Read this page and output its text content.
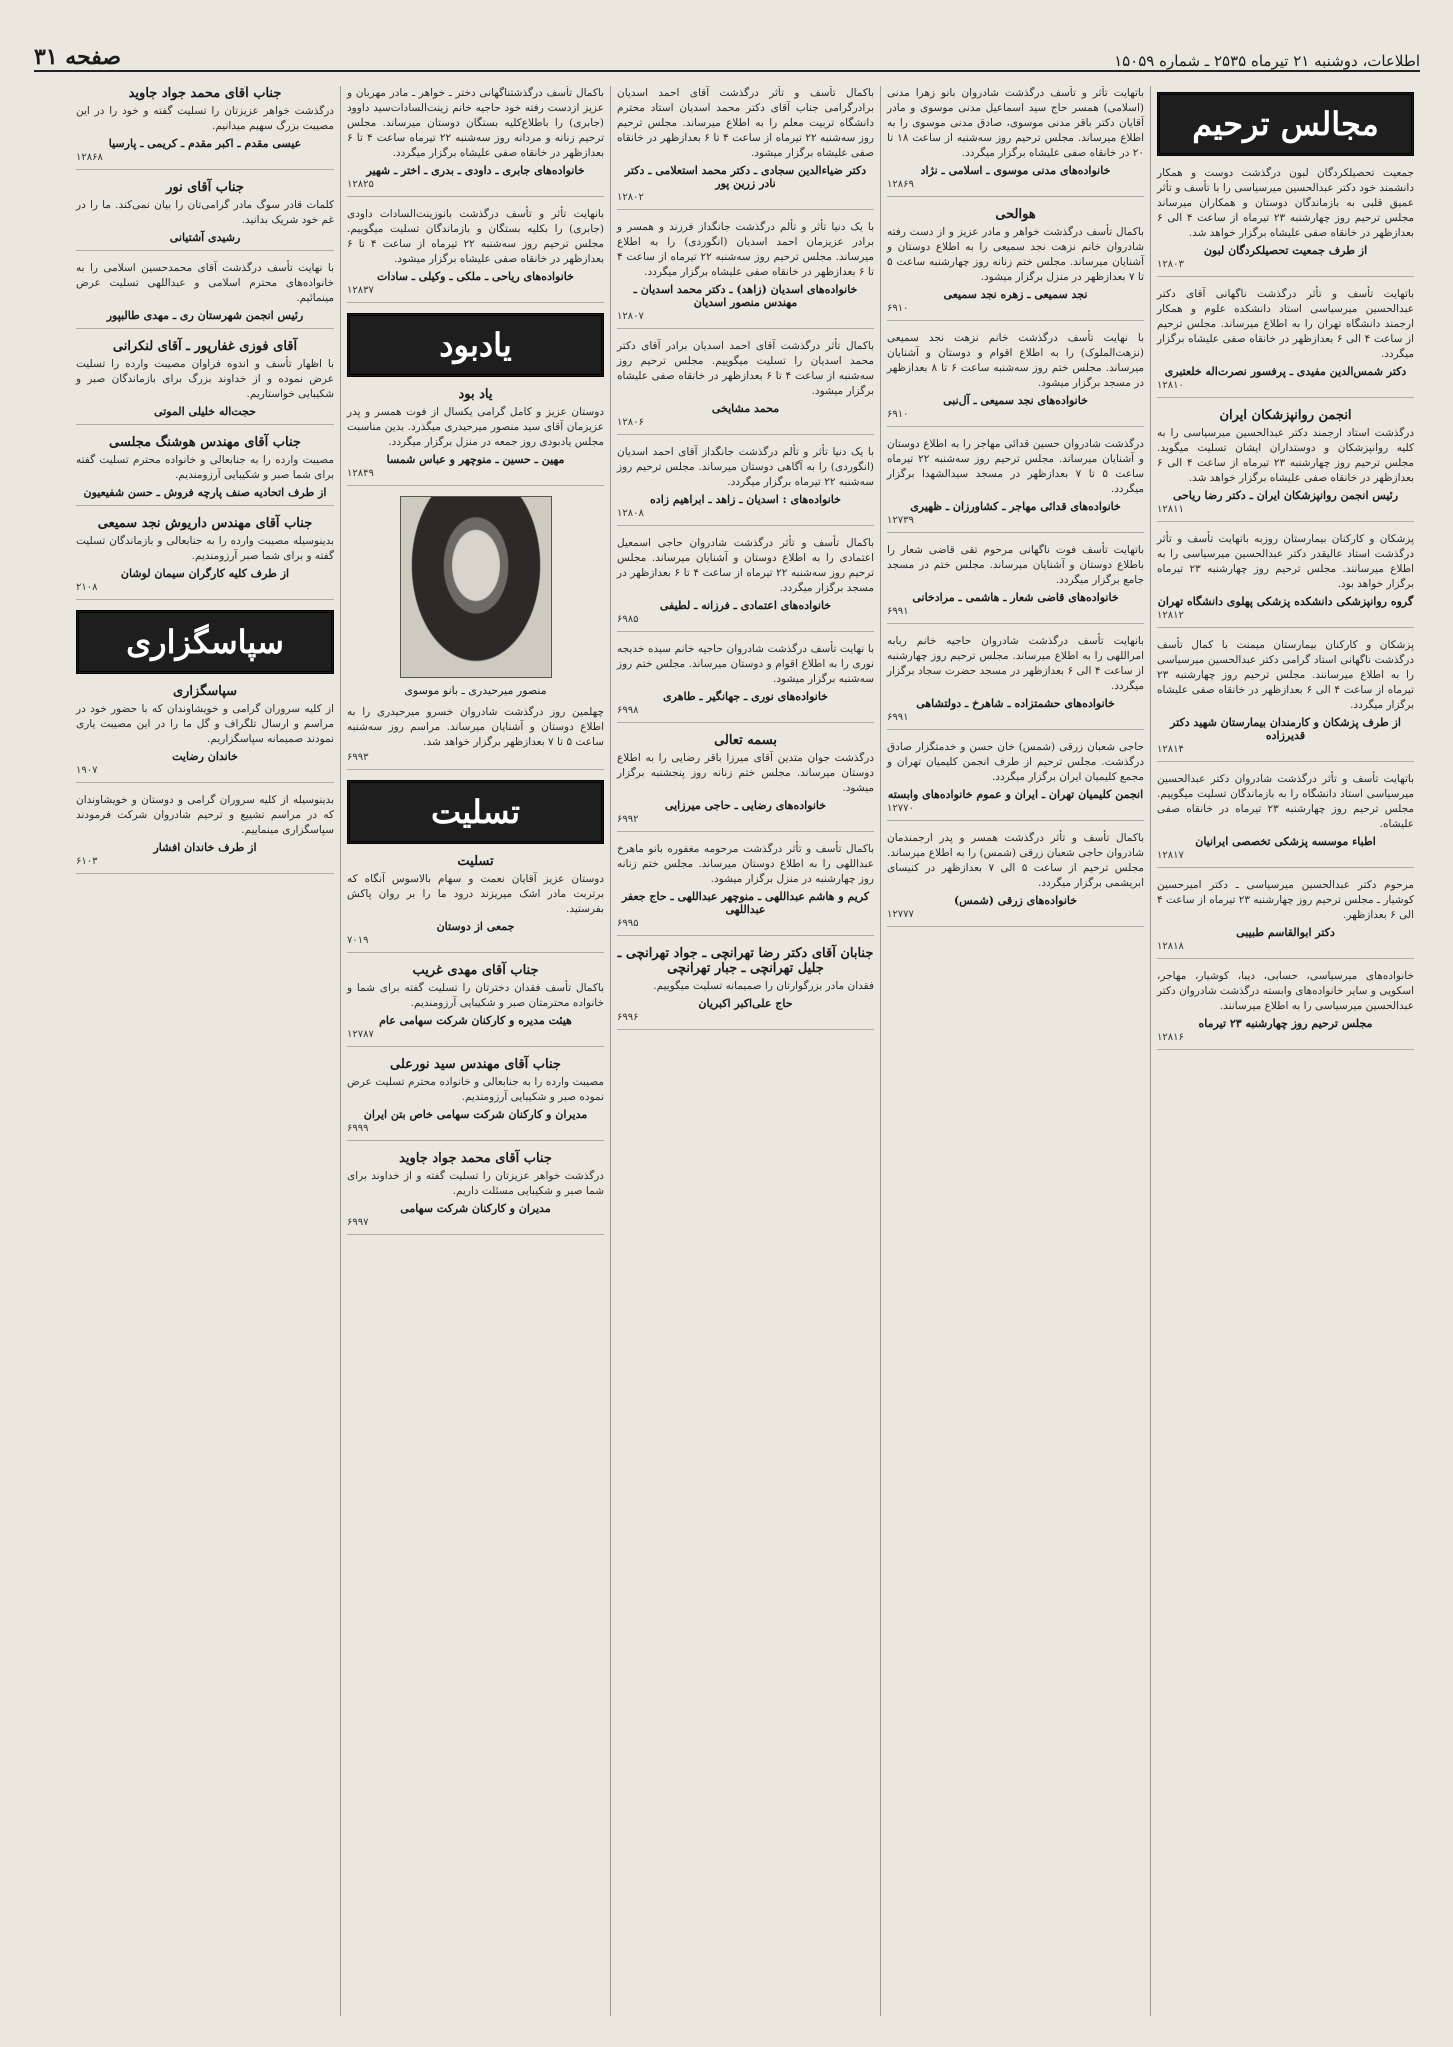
اطلاعات، دوشنبه ۲۱ تیرماه ۲۵۳۵ ـ شماره ۱۵۰۵۹
صفحه ۳۱
مجالس ترحيم

جمعيت تحصيلکردگان لبون درگذشت دوست و همکار دانشمند خود دکتر عبدالحسين ميرسياسی را با تأسف و تأثر عميق قلبی به بازماندگان دوستان و همکاران ميرساند مجلس ترحيم روز چهارشنبه ۲۳ تيرماه از ساعت ۴ الی ۶ بعدازظهر در خانقاه صفی عليشاه برگزار خواهد شد.

از طرف جمعيت تحصيلکردگان لبون
۱۲۸۰۳

باتهايت تأسف و تأثر درگذشت ناگهانی آقای دکتر عبدالحسين ميرسياسی استاد دانشکده علوم و همکار ارجمند دانشگاه تهران را به اطلاع ميرساند. مجلس ترحيم از ساعت ۴ الی ۶ بعدازظهر در خانقاه صفی عليشاه برگزار ميگردد.

دکتر شمس‌الدين مفيدی ـ پرفسور نصرت‌اله خلعتبری
۱۲۸۱۰
انجمن روانپزشکان ايران

درگذشت استاد ارجمند دکتر عبدالحسين ميرسياسی را به کليه روانپزشکان و دوستداران ايشان تسليت ميگويد. مجلس ترحيم روز چهارشنبه ۲۳ تيرماه از ساعت ۴ الی ۶ بعدازظهر در خانقاه صفی عليشاه برگزار خواهد شد.

رئيس انجمن روانپزشکان ايران ـ دکتر رضا رياحی
۱۲۸۱۱

پزشکان و کارکنان بيمارستان روزبه باتهايت تأسف و تأثر درگذشت استاد عاليقدر دکتر عبدالحسين ميرسياسی را به اطلاع ميرسانند. مجلس ترحيم روز چهارشنبه ۲۳ تيرماه برگزار خواهد بود.

گروه روانپزشکی دانشکده پزشکی پهلوی دانشگاه تهران
۱۲۸۱۲

پزشکان و کارکنان بيمارستان ميمنت با کمال تأسف درگذشت ناگهانی استاد گرامی دکتر عبدالحسين ميرسياسی را به اطلاع ميرسانند. مجلس ترحيم روز چهارشنبه ۲۳ تيرماه از ساعت ۴ الی ۶ بعدازظهر در خانقاه صفی عليشاه برگزار ميگردد.

از طرف پزشکان و کارمندان بيمارستان شهيد دکتر قديرزاده
۱۲۸۱۴

باتهايت تأسف و تأثر درگذشت شادروان دکتر عبدالحسين ميرسياسی استاد دانشگاه را به بازماندگان تسليت ميگوييم. مجلس ترحيم روز چهارشنبه ۲۳ تيرماه در خانقاه صفی عليشاه.

اطباء موسسه پزشکی تخصصی ايرانيان
۱۲۸۱۷

مرحوم دکتر عبدالحسين ميرسياسی ـ دکتر اميرحسين کوشيار ـ مجلس ترحيم روز چهارشنبه ۲۳ تيرماه از ساعت ۴ الی ۶ بعدازظهر.

دکتر ابوالقاسم طبيبی
۱۲۸۱۸

خانواده‌های ميرسياسی، حسابی، ديبا، کوشيار، مهاجر، اسکويی و ساير خانواده‌های وابسته درگذشت شادروان دکتر عبدالحسين ميرسياسی را به اطلاع ميرسانند.

مجلس ترحيم روز چهارشنبه ۲۳ تيرماه
۱۲۸۱۶

باتهايت تأثر و تأسف درگذشت شادروان بانو زهرا مدنی (اسلامی) همسر حاج سيد اسماعيل مدنی موسوی و مادر آقايان دکتر باقر مدنی موسوی، صادق مدنی موسوی را به اطلاع ميرساند. مجلس ترحيم روز سه‌شنبه از ساعت ۱۸ تا ۲۰ در خانقاه صفی عليشاه برگزار ميگردد.

خانواده‌های مدنی موسوی ـ اسلامی ـ نژاد
۱۲۸۶۹
هوالحی

باکمال تأسف درگذشت خواهر و مادر عزيز و از دست رفته شادروان خانم نزهت نجد سميعی را به اطلاع دوستان و آشنايان ميرساند. مجلس ختم زنانه روز چهارشنبه ساعت ۵ تا ۷ بعدازظهر در منزل برگزار ميشود.

نجد سميعی ـ زهره نجد سميعی
۶۹۱۰

با نهايت تأسف درگذشت خانم نزهت نجد سميعی (نزهت‌الملوک) را به اطلاع اقوام و دوستان و آشنايان ميرساند. مجلس ختم روز سه‌شنبه ساعت ۶ تا ۸ بعدازظهر در مسجد برگزار ميشود.

خانواده‌های نجد سميعی ـ آل‌نبی
۶۹۱۰

درگذشت شادروان حسين قدائی مهاجر را به اطلاع دوستان و آشنايان ميرساند. مجلس ترحيم روز سه‌شنبه ۲۲ تيرماه ساعت ۵ تا ۷ بعدازظهر در مسجد سيدالشهدا برگزار ميگردد.

خانواده‌های قدائی مهاجر ـ کشاورزان ـ ظهيری
۱۲۷۳۹

باتهايت تأسف فوت ناگهانی مرحوم تقی قاضی شعار را باطلاع دوستان و آشنايان ميرساند. مجلس ختم در مسجد جامع برگزار ميگردد.

خانواده‌های قاضی شعار ـ هاشمی ـ مرادخانی
۶۹۹۱

بانهايت تأسف درگذشت شادروان حاجيه خانم ربابه امراللهی را به اطلاع ميرساند. مجلس ترحيم روز چهارشنبه از ساعت ۴ الی ۶ بعدازظهر در مسجد حضرت سجاد برگزار ميگردد.

خانواده‌های حشمتزاده ـ شاهرخ ـ دولتشاهی
۶۹۹۱

حاجی شعبان زرقی (شمس) خان حسن و خدمتگزار صادق درگذشت. مجلس ترحيم از طرف انجمن کليميان تهران و مجمع کليميان ايران برگزار ميگردد.

انجمن کليميان تهران ـ ايران و عموم خانواده‌های وابسته
۱۲۷۷۰

باکمال تأسف و تأثر درگذشت همسر و پدر ارجمندمان شادروان حاجی شعبان زرقی (شمس) را به اطلاع ميرساند. مجلس ترحيم از ساعت ۵ الی ۷ بعدازظهر در کنيسای ابريشمی برگزار ميگردد.

خانواده‌های زرقی (شمس)
۱۲۷۷۷

باکمال تأسف و تأثر درگذشت آقای احمد اسديان برادرگرامی جناب آقای دکتر محمد اسديان استاد محترم دانشگاه تربيت معلم را به اطلاع ميرساند. مجلس ترحيم روز سه‌شنبه ۲۲ تيرماه از ساعت ۴ تا ۶ بعدازظهر در خانقاه صفی عليشاه برگزار ميشود.

دکتر ضياءالدين سجادی ـ دکتر محمد استعلامی ـ دکتر نادر زرين پور
۱۲۸۰۲

با يک دنيا تأثر و تألم درگذشت جانگداز فرزند و همسر و برادر عزيزمان احمد اسديان (انگوردی) را به اطلاع ميرساند. مجلس ترحيم روز سه‌شنبه ۲۲ تيرماه از ساعت ۴ تا ۶ بعدازظهر در خانقاه صفی عليشاه برگزار ميگردد.

خانواده‌های اسديان (زاهد) ـ دکتر محمد اسديان ـ مهندس منصور اسديان
۱۲۸۰۷

باکمال تأثر درگذشت آقای احمد اسديان برادر آقای دکتر محمد اسديان را تسليت ميگوييم. مجلس ترحيم روز سه‌شنبه از ساعت ۴ تا ۶ بعدازظهر در خانقاه صفی عليشاه برگزار ميشود.

محمد مشايخی
۱۲۸۰۶

با يک دنيا تأثر و تألم درگذشت جانگداز آقای احمد اسديان (انگوردی) را به آگاهی دوستان ميرساند. مجلس ترحيم روز سه‌شنبه ۲۲ تيرماه برگزار ميگردد.

خانواده‌های : اسديان ـ زاهد ـ ابراهيم زاده
۱۲۸۰۸

باکمال تأسف و تأثر درگذشت شادروان حاجی اسمعيل اعتمادی را به اطلاع دوستان و آشنايان ميرساند. مجلس ترحيم روز سه‌شنبه ۲۲ تيرماه از ساعت ۴ تا ۶ بعدازظهر در مسجد برگزار ميگردد.

خانواده‌های اعتمادی ـ فرزانه ـ لطيفی
۶۹۸۵

با نهايت تأسف درگذشت شادروان حاجيه خانم سيده خديجه نوری را به اطلاع اقوام و دوستان ميرساند. مجلس ختم روز سه‌شنبه برگزار ميشود.

خانواده‌های نوری ـ جهانگير ـ طاهری
۶۹۹۸
بسمه تعالی

درگذشت جوان متدين آقای ميرزا باقر رضايی را به اطلاع دوستان ميرساند. مجلس ختم زنانه روز پنجشنبه برگزار ميشود.

خانواده‌های رضايی ـ حاجی ميرزايی
۶۹۹۲

باکمال تأسف و تأثر درگذشت مرحومه مغفوره بانو ماهرخ عبداللهی را به اطلاع دوستان ميرساند. مجلس ختم زنانه روز چهارشنبه در منزل برگزار ميشود.

کريم و هاشم عبداللهی ـ منوچهر عبداللهی ـ حاج جعفر عبداللهی
۶۹۹۵
جنابان آقای دکتر رضا تهرانچی ـ جواد تهرانچی ـ جليل تهرانچی ـ جبار تهرانچی

فقدان مادر بزرگوارتان را صميمانه تسليت ميگوييم.

حاج علی‌اکبر اکبريان
۶۹۹۶

باکمال تأسف درگذشتناگهانی دختر ـ خواهر ـ مادر مهربان و عزيز ازدست رفته خود حاجيه خانم زينت‌السادات‌سيد داوود (جابری) را باطلاع‌کليه بستگان دوستان ميرساند. مجلس ترحيم زنانه و مردانه روز سه‌شنبه ۲۲ تيرماه ساعت ۴ تا ۶ بعدازظهر در خانقاه صفی عليشاه برگزار ميگردد.

خانواده‌های جابری ـ داودی ـ بدری ـ اختر ـ شهير
۱۲۸۲۵

بانهايت تأثر و تأسف درگذشت بانوزينت‌السادات داودی (جابری) را بکليه بستگان و بازماندگان تسليت ميگوييم. مجلس ترحيم روز سه‌شنبه ۲۲ تيرماه از ساعت ۴ تا ۶ بعدازظهر در خانقاه صفی عليشاه برگزار ميشود.

خانواده‌های رياحی ـ ملکی ـ وکيلی ـ سادات
۱۲۸۳۷
يادبود
ياد بود

دوستان عزيز و کامل گرامی يکسال از فوت همسر و پدر عزيزمان آقای سيد منصور ميرحيدری ميگذرد. بدين مناسبت مجلس يادبودی روز جمعه در منزل برگزار ميگردد.

مهين ـ حسين ـ منوچهر و عباس شمسا
۱۲۸۴۹
منصور ميرحيدری ـ بانو موسوی

چهلمين روز درگذشت شادروان خسرو ميرحيدری را به اطلاع دوستان و آشنايان ميرساند. مراسم روز سه‌شنبه ساعت ۵ تا ۷ بعدازظهر برگزار خواهد شد.

۶۹۹۳
تسليت
تسليت

دوستان عزيز آقايان نعمت و سهام بالاسوس آنگاه که برتربت مادر اشک ميريزند درود ما را بر روان پاکش بفرستيد.

جمعی از دوستان
۷۰۱۹
جناب آقای مهدی غريب

باکمال تأسف فقدان دخترتان را تسليت گفته برای شما و خانواده محترمتان صبر و شکيبايی آرزومنديم.

هيئت مديره و کارکنان شرکت سهامی عام
۱۲۷۸۷
جناب آقای مهندس سيد نورعلی

مصيبت وارده را به جنابعالی و خانواده محترم تسليت عرض نموده صبر و شکيبايی آرزومنديم.

مديران و کارکنان شرکت سهامی خاص بتن ايران
۶۹۹۹
جناب آقای محمد جواد جاويد

درگذشت خواهر عزيزتان را تسليت گفته و از خداوند برای شما صبر و شکيبايی مسئلت داريم.

مديران و کارکنان شرکت سهامی
۶۹۹۷
جناب آقای محمد جواد جاويد

درگذشت خواهر عزيزتان را تسليت گفته و خود را در اين مصيبت بزرگ سهيم ميدانيم.

عيسی مقدم ـ اکبر مقدم ـ کريمی ـ پارسيا
۱۲۸۶۸
جناب آقای نور

کلمات قادر سوگ مادر گرامی‌تان را بيان نمی‌کند. ما را در غم خود شريک بدانيد.

رشيدی آشتيانی

با نهايت تأسف درگذشت آقای محمدحسين اسلامی را به خانواده‌های محترم اسلامی و عبداللهی تسليت عرض مينمائيم.

رئيس انجمن شهرستان ری ـ مهدی طالبپور
آقای فوزی غفارپور ـ آقای لنکرانی

با اظهار تأسف و اندوه فراوان مصيبت وارده را تسليت عرض نموده و از خداوند بزرگ برای بازماندگان صبر و شکيبايی خواستاريم.

حجت‌اله خليلی الموتی
جناب آقای مهندس هوشنگ مجلسی

مصيبت وارده را به جنابعالی و خانواده محترم تسليت گفته برای شما صبر و شکيبايی آرزومنديم.

از طرف اتحاديه صنف پارچه فروش ـ حسن شفيعيون
جناب آقای مهندس داريوش نجد سميعی

بدينوسيله مصيبت وارده را به جنابعالی و بازماندگان تسليت گفته و برای شما صبر آرزومنديم.

از طرف کليه کارگران سيمان لوشان
۲۱۰۸
سپاسگزاری
سپاسگزاری

از کليه سروران گرامی و خويشاوندان که با حضور خود در مراسم و ارسال تلگراف و گل ما را در اين مصيبت ياری نمودند صميمانه سپاسگزاريم.

خاندان رضايت
۱۹۰۷

بدينوسيله از کليه سروران گرامی و دوستان و خويشاوندان که در مراسم تشييع و ترحيم شادروان شرکت فرمودند سپاسگزاری مينماييم.

از طرف خاندان افشار
۶۱۰۳
